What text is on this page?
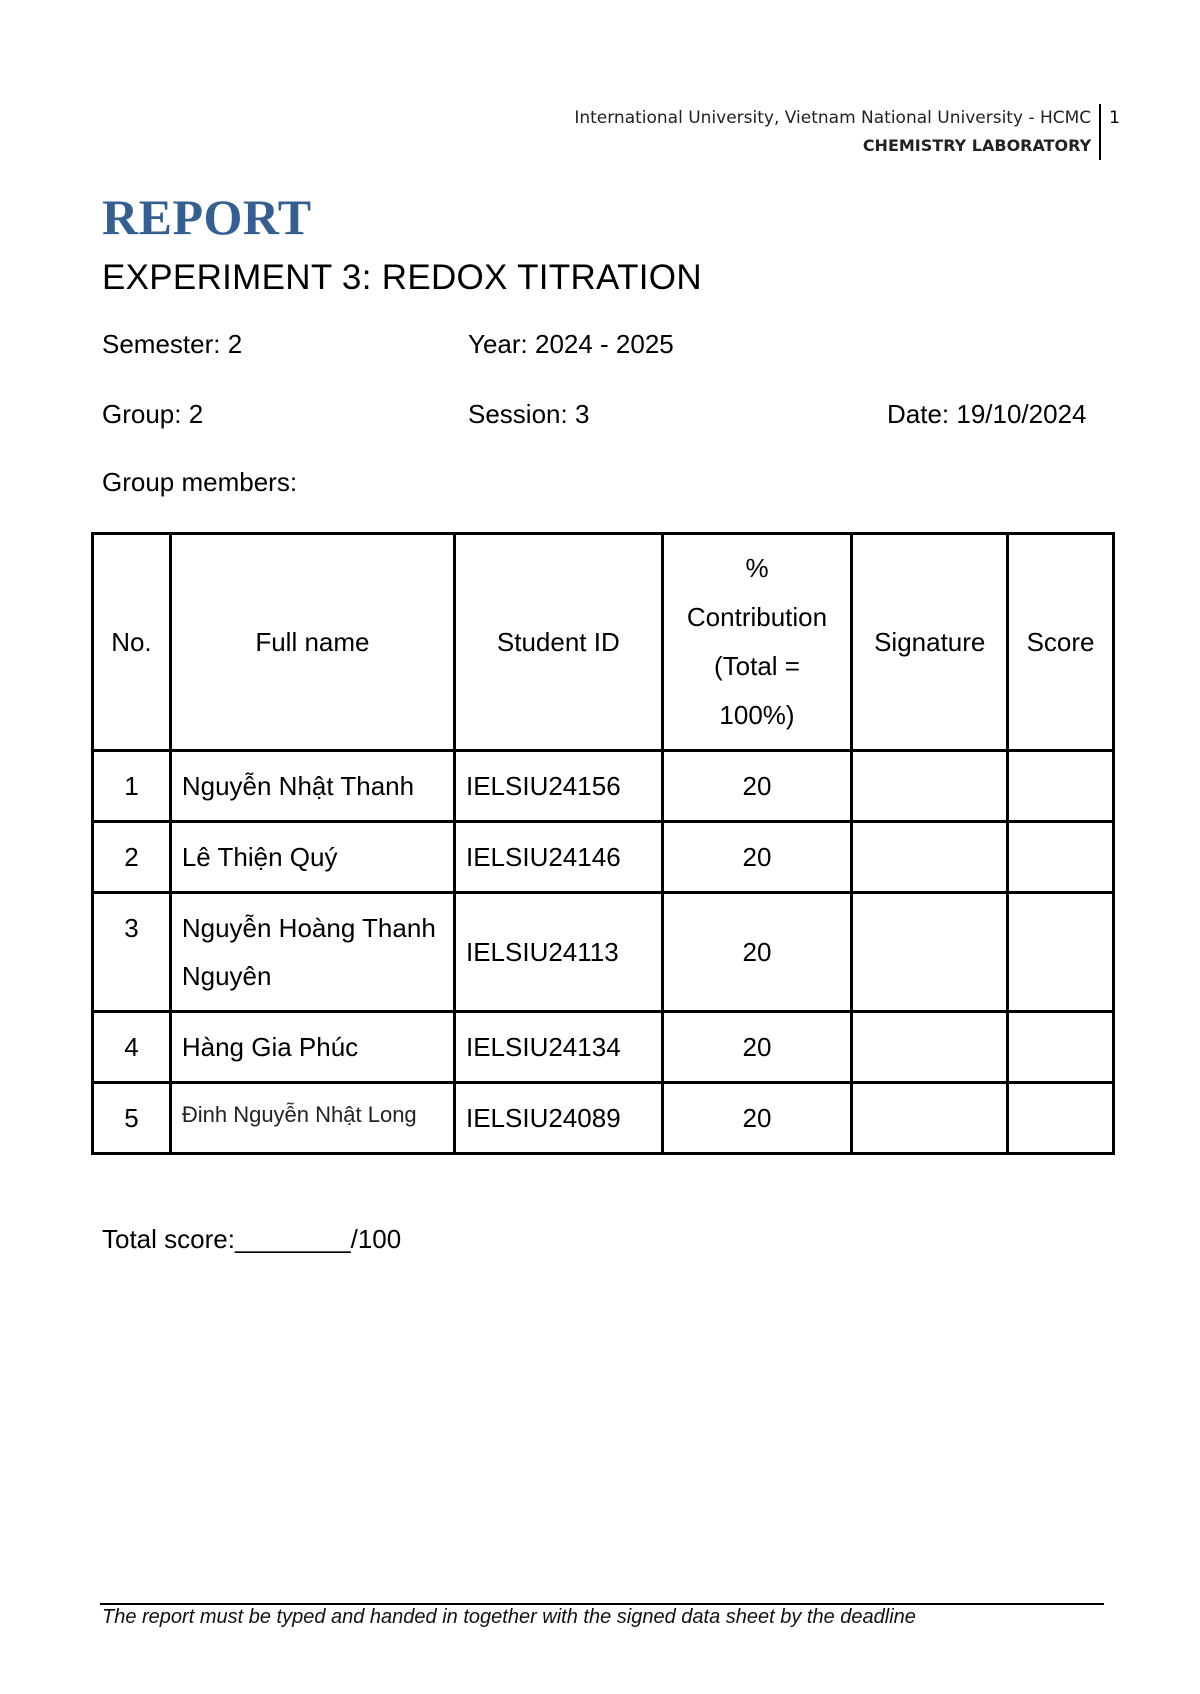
International University, Vietnam National University - HCMC
CHEMISTRY LABORATORY
1
REPORT
EXPERIMENT 3: REDOX TITRATION
Semester: 2	Year: 2024 - 2025
Group: 2	Session: 3	Date: 19/10/2024
Group members:
No.	Full name	Student ID	% Contribution (Total = 100%)	Signature	Score
1	Nguyễn Nhật Thanh	IELSIU24156	20		
2	Lê Thiện Quý	IELSIU24146	20		
3	Nguyễn Hoàng Thanh Nguyên	IELSIU24113	20		
4	Hàng Gia Phúc	IELSIU24134	20		
5	Đinh Nguyễn Nhật Long	IELSIU24089	20		
Total score:________/100
The report must be typed and handed in together with the signed data sheet by the deadline
